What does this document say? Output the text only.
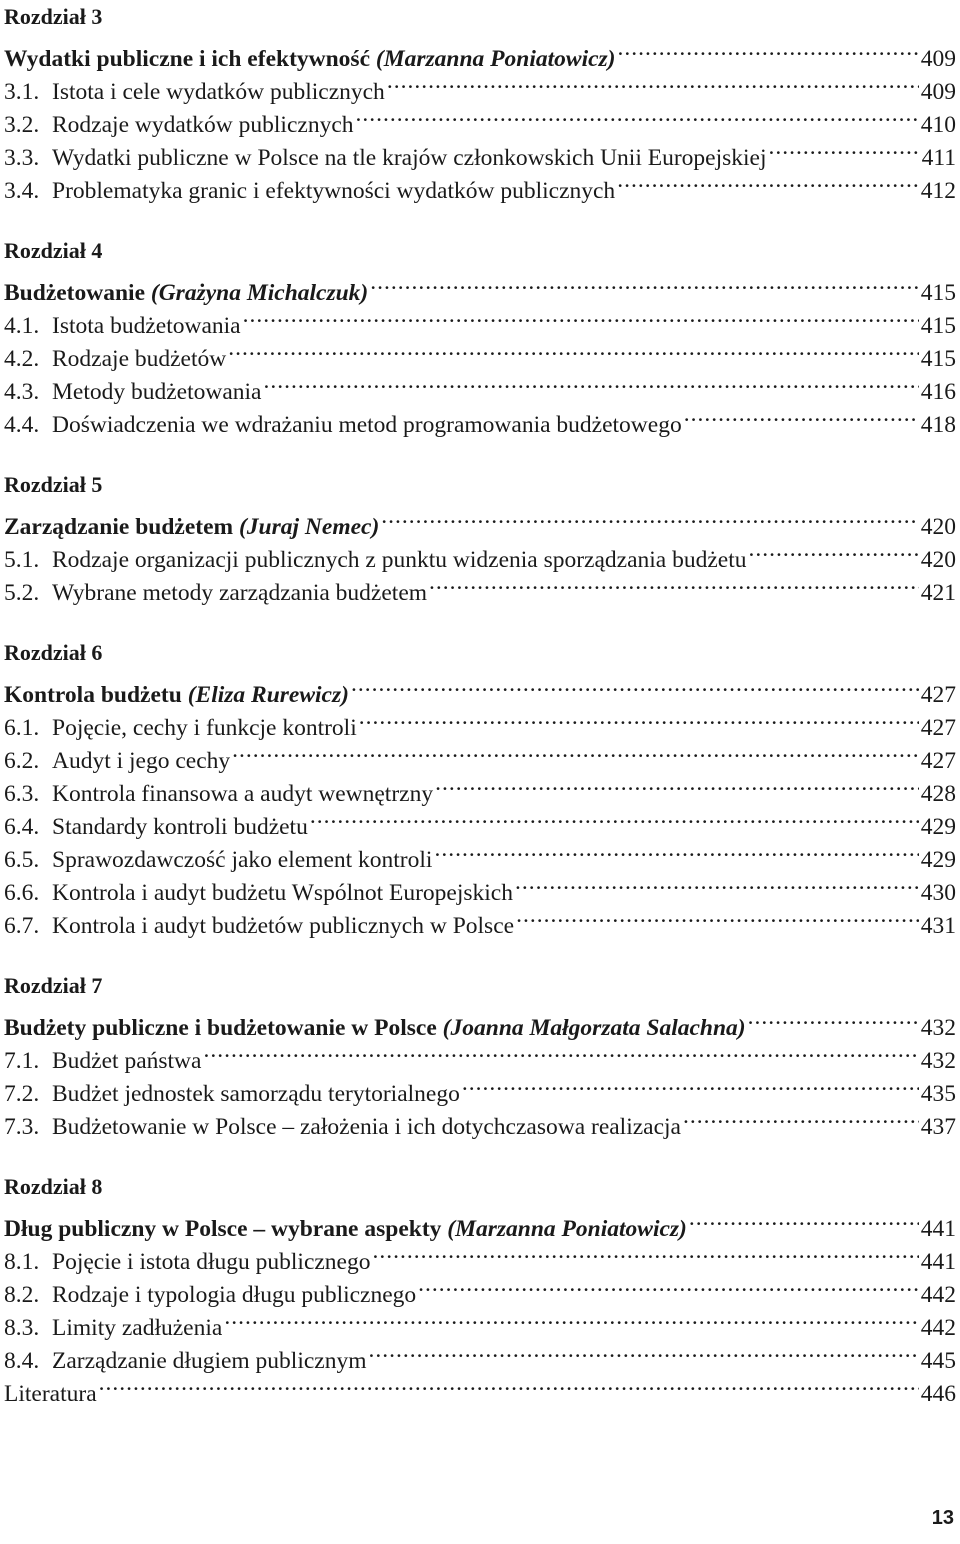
Rozdział 3
Wydatki publiczne i ich efektywność (Marzanna Poniatowicz) .....	409
3.1. Istota i cele wydatków publicznych .....	409
3.2. Rodzaje wydatków publicznych .....	410
3.3. Wydatki publiczne w Polsce na tle krajów członkowskich Unii Europejskiej .....	411
3.4. Problematyka granic i efektywności wydatków publicznych .....	412
Rozdział 4
Budżetowanie (Grażyna Michalczuk) .....	415
4.1. Istota budżetowania .....	415
4.2. Rodzaje budżetów .....	415
4.3. Metody budżetowania .....	416
4.4. Doświadczenia we wdrażaniu metod programowania budżetowego .....	418
Rozdział 5
Zarządzanie budżetem (Juraj Nemec) .....	420
5.1. Rodzaje organizacji publicznych z punktu widzenia sporządzania budżetu .....	420
5.2. Wybrane metody zarządzania budżetem .....	421
Rozdział 6
Kontrola budżetu (Eliza Rurewicz) .....	427
6.1. Pojęcie, cechy i funkcje kontroli .....	427
6.2. Audyt i jego cechy .....	427
6.3. Kontrola finansowa a audyt wewnętrzny .....	428
6.4. Standardy kontroli budżetu .....	429
6.5. Sprawozdawczość jako element kontroli .....	429
6.6. Kontrola i audyt budżetu Wspólnot Europejskich .....	430
6.7. Kontrola i audyt budżetów publicznych w Polsce .....	431
Rozdział 7
Budżety publiczne i budżetowanie w Polsce (Joanna Małgorzata Salachna) .....	432
7.1. Budżet państwa .....	432
7.2. Budżet jednostek samorządu terytorialnego .....	435
7.3. Budżetowanie w Polsce – założenia i ich dotychczasowa realizacja .....	437
Rozdział 8
Dług publiczny w Polsce – wybrane aspekty (Marzanna Poniatowicz) .....	441
8.1. Pojęcie i istota długu publicznego .....	441
8.2. Rodzaje i typologia długu publicznego .....	442
8.3. Limity zadłużenia .....	442
8.4. Zarządzanie długiem publicznym .....	445
Literatura .....	446
13
